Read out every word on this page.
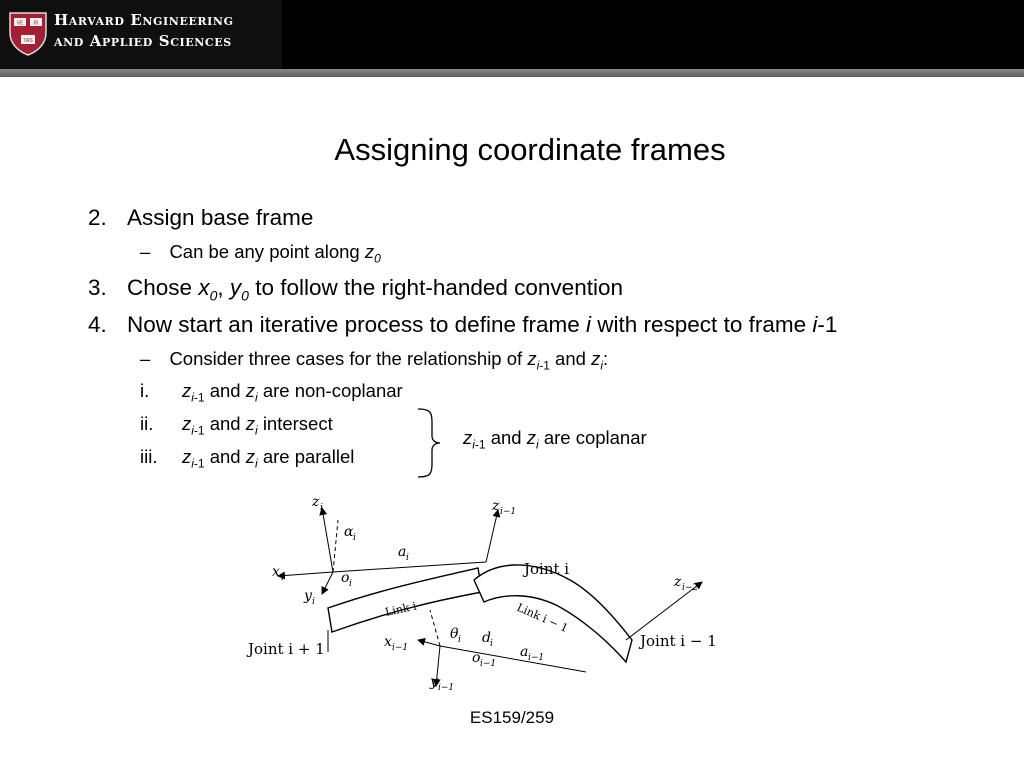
VE RI
TAS
Harvard Engineering
and Applied Sciences
Assigning coordinate frames
2. Assign base frame
– Can be any point along $z_0$
3. Chose $x_0$, $y_0$ to follow the right-handed convention
4. Now start an iterative process to define frame i with respect to frame i-1
– Consider three cases for the relationship of $z_{i-1}$ and $z_i$:
i. $z_{i-1}$ and $z_i$ are non-coplanar
ii. $z_{i-1}$ and $z_i$ intersect
iii. $z_{i-1}$ and $z_i$ are parallel
$z_{i-1}$ and $z_i$ are coplanar
z i
α i
a i
z i−1
x i	o i
y i
Joint i
z i−2
Link i	Link i − 1
Joint i + 1
θ i d i
x i−1
o i−1
a i−1
Joint i − 1
y i−1
ES159/259
